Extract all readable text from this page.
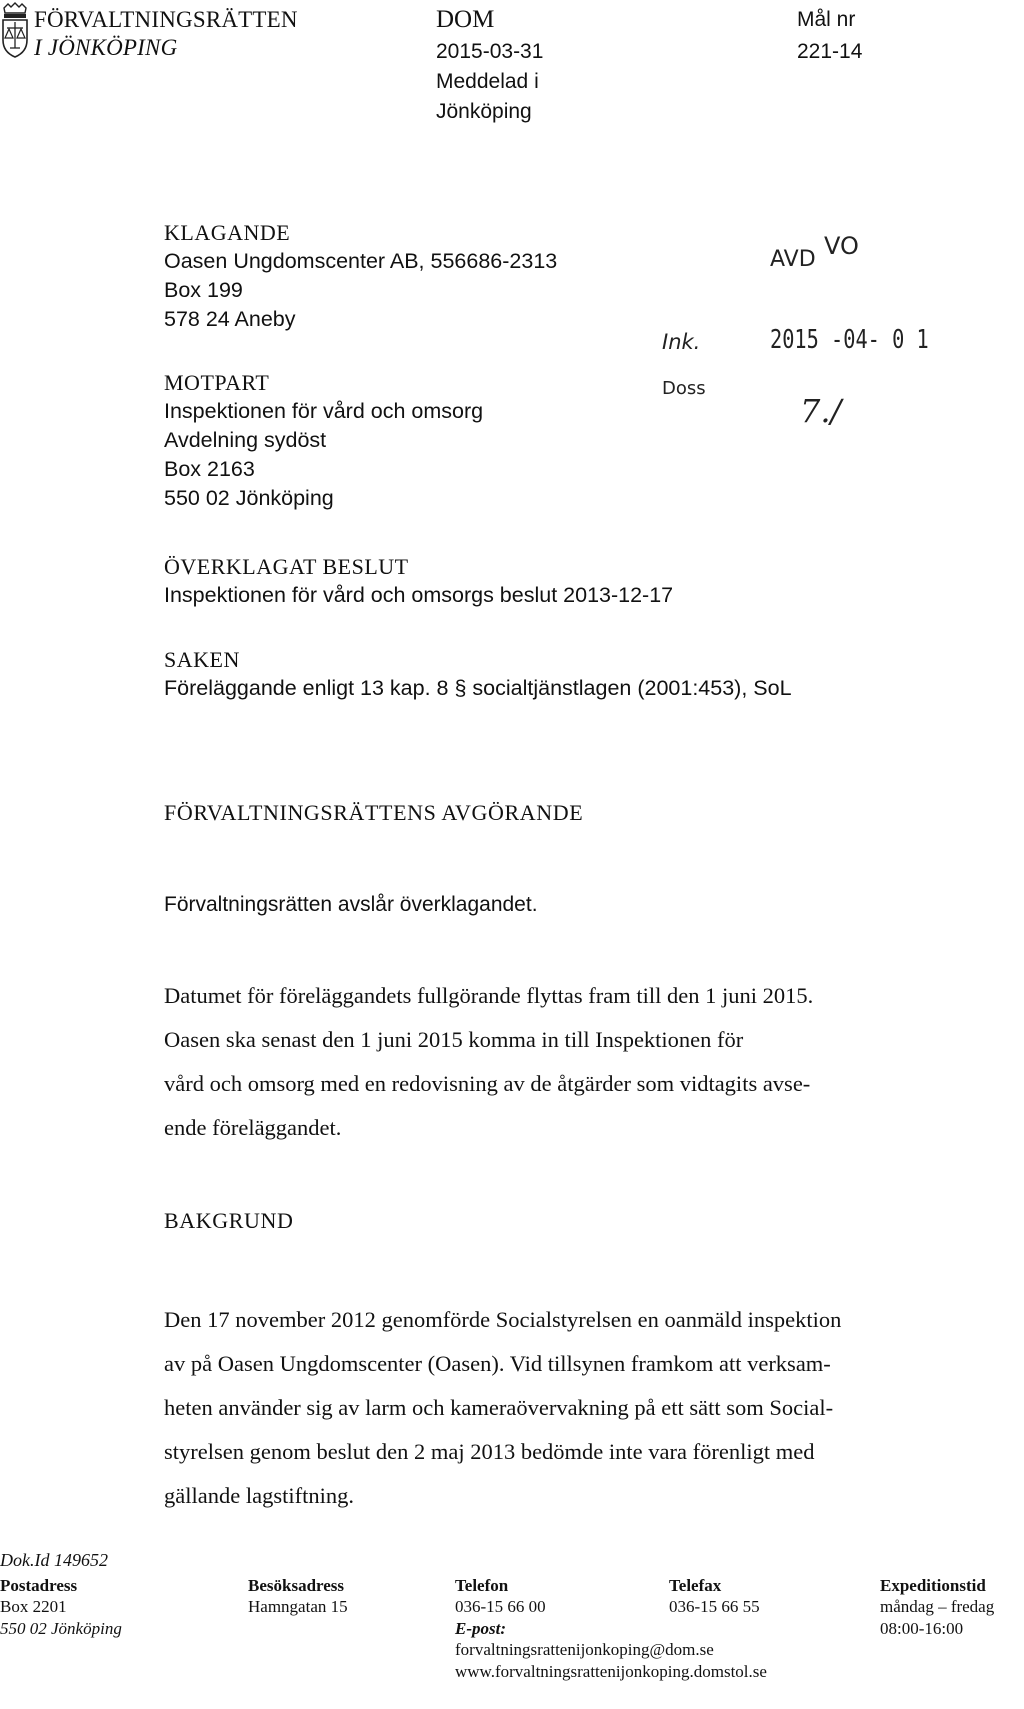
FÖRVALTNINGSRÄTTEN
I JÖNKÖPING
DOM
2015-03-31
Meddelad i
Jönköping
Mål nr
221-14
KLAGANDE
Oasen Ungdomscenter AB, 556686-2313
Box 199
578 24 Aneby
MOTPART
Inspektionen för vård och omsorg
Avdelning sydöst
Box 2163
550 02 Jönköping
AVD VO
Ink.	2015 -04- 0 1
Doss
7./
ÖVERKLAGAT BESLUT
Inspektionen för vård och omsorgs beslut 2013-12-17
SAKEN
Föreläggande enligt 13 kap. 8 § socialtjänstlagen (2001:453), SoL
FÖRVALTNINGSRÄTTENS AVGÖRANDE
Förvaltningsrätten avslår överklagandet.
Datumet för föreläggandets fullgörande flyttas fram till den 1 juni 2015.
Oasen ska senast den 1 juni 2015 komma in till Inspektionen för
vård och omsorg med en redovisning av de åtgärder som vidtagits avse-
ende föreläggandet.
BAKGRUND
Den 17 november 2012 genomförde Socialstyrelsen en oanmäld inspektion
av på Oasen Ungdomscenter (Oasen). Vid tillsynen framkom att verksam-
heten använder sig av larm och kameraövervakning på ett sätt som Social-
styrelsen genom beslut den 2 maj 2013 bedömde inte vara förenligt med
gällande lagstiftning.
Dok.Id 149652
Postadress
Box 2201
550 02 Jönköping
Besöksadress
Hamngatan 15
Telefon
036-15 66 00
E-post:
forvaltningsrattenijonkoping@dom.se
www.forvaltningsrattenijonkoping.domstol.se
Telefax
036-15 66 55
Expeditionstid
måndag – fredag
08:00-16:00
